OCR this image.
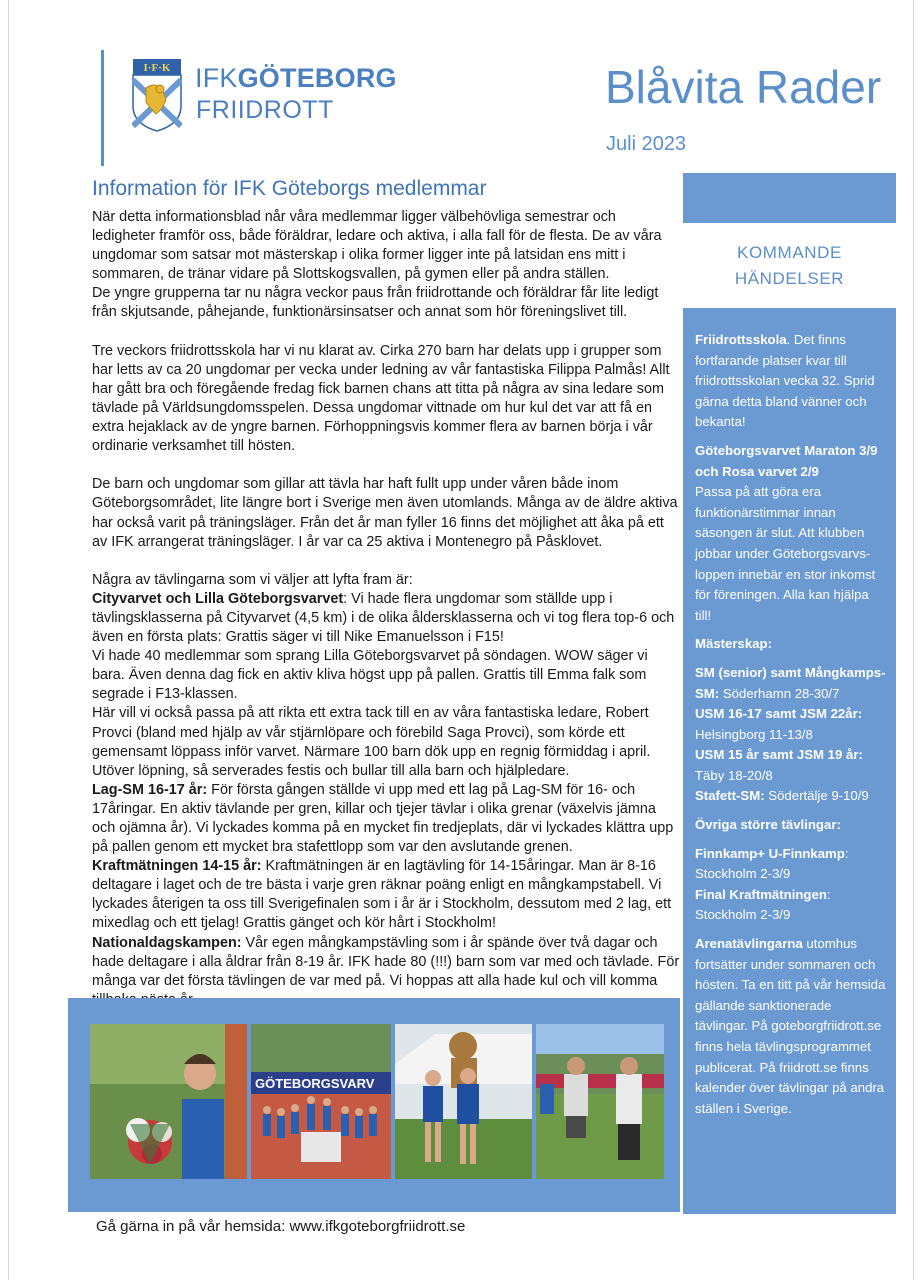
I·F·K IFKGÖTEBORG
FRIIDROTT	Blåvita Rader
Juli 2023
Information för IFK Göteborgs medlemmar

När detta informationsblad når våra medlemmar ligger välbehövliga semestrar och ledigheter framför oss, både föräldrar, ledare och aktiva, i alla fall för de flesta. De av våra ungdomar som satsar mot mästerskap i olika former ligger inte på latsidan ens mitt i sommaren, de tränar vidare på Slottskogsvallen, på gymen eller på andra ställen.

De yngre grupperna tar nu några veckor paus från friidrottande och föräldrar får lite ledigt från skjutsande, påhejande, funktionärsinsatser och annat som hör föreningslivet till.

Tre veckors friidrottsskola har vi nu klarat av. Cirka 270 barn har delats upp i grupper som har letts av ca 20 ungdomar per vecka under ledning av vår fantastiska Filippa Palmås! Allt har gått bra och föregående fredag fick barnen chans att titta på några av sina ledare som tävlade på Världsungdomsspelen. Dessa ungdomar vittnade om hur kul det var att få en extra hejaklack av de yngre barnen. Förhoppningsvis kommer flera av barnen börja i vår ordinarie verksamhet till hösten.

De barn och ungdomar som gillar att tävla har haft fullt upp under våren både inom Göteborgsområdet, lite längre bort i Sverige men även utomlands. Många av de äldre aktiva har också varit på träningsläger. Från det år man fyller 16 finns det möjlighet att åka på ett av IFK arrangerat träningsläger. I år var ca 25 aktiva i Montenegro på Påsklovet.

Några av tävlingarna som vi väljer att lyfta fram är:

Cityvarvet och Lilla Göteborgsvarvet: Vi hade flera ungdomar som ställde upp i tävlingsklasserna på Cityvarvet (4,5 km) i de olika åldersklasserna och vi tog flera top-6 och även en första plats: Grattis säger vi till Nike Emanuelsson i F15!

Vi hade 40 medlemmar som sprang Lilla Göteborgsvarvet på söndagen. WOW säger vi bara. Även denna dag fick en aktiv kliva högst upp på pallen. Grattis till Emma falk som segrade i F13-klassen.

Här vill vi också passa på att rikta ett extra tack till en av våra fantastiska ledare, Robert Provci (bland med hjälp av vår stjärnlöpare och förebild Saga Provci), som körde ett gemensamt löppass inför varvet. Närmare 100 barn dök upp en regnig förmiddag i april. Utöver löpning, så serverades festis och bullar till alla barn och hjälpledare.

Lag-SM 16-17 år: För första gången ställde vi upp med ett lag på Lag-SM för 16- och 17åringar. En aktiv tävlande per gren, killar och tjejer tävlar i olika grenar (växelvis jämna och ojämna år). Vi lyckades komma på en mycket fin tredjeplats, där vi lyckades klättra upp på pallen genom ett mycket bra stafettlopp som var den avslutande grenen.

Kraftmätningen 14-15 år: Kraftmätningen är en lagtävling för 14-15åringar. Man är 8-16 deltagare i laget och de tre bästa i varje gren räknar poäng enligt en mångkampstabell. Vi lyckades återigen ta oss till Sverigefinalen som i år är i Stockholm, dessutom med 2 lag, ett mixedlag och ett tjelag! Grattis gänget och kör hårt i Stockholm!

Nationaldagskampen: Vår egen mångkampstävling som i år spände över två dagar och hade deltagare i alla åldrar från 8-19 år. IFK hade 80 (!!!) barn som var med och tävlade. För många var det första tävlingen de var med på. Vi hoppas att alla hade kul och vill komma

GÖTEBORGSVARV
Gå gärna in på vår hemsida: www.ifkgoteborgfriidrott.se
KOMMANDE
HÄNDELSER

Friidrottsskola. Det finns fortfarande platser kvar till friidrottsskolan vecka 32. Sprid gärna detta bland vänner och bekanta!

Göteborgsvarvet Maraton 3/9 och Rosa varvet 2/9
Passa på att göra era funktionärstimmar innan säsongen är slut. Att klubben jobbar under Göteborgsvarvs-loppen innebär en stor inkomst för föreningen. Alla kan hjälpa till!

Mästerskap:

SM (senior) samt Mångkamps-SM: Söderhamn 28-30/7

USM 16-17 samt JSM 22år: Helsingborg 11-13/8

USM 15 år samt JSM 19 år: Täby 18-20/8

Stafett-SM: Södertälje 9-10/9

Övriga större tävlingar:

Finnkamp+ U-Finnkamp: Stockholm 2-3/9

Final Kraftmätningen: Stockholm 2-3/9

Arenatävlingarna utomhus fortsätter under sommaren och hösten. Ta en titt på vår hemsida gällande sanktionerade tävlingar. På goteborgfriidrott.se finns hela tävlingsprogrammet publicerat. På friidrott.se finns kalender över tävlingar på andra ställen i Sverige.
